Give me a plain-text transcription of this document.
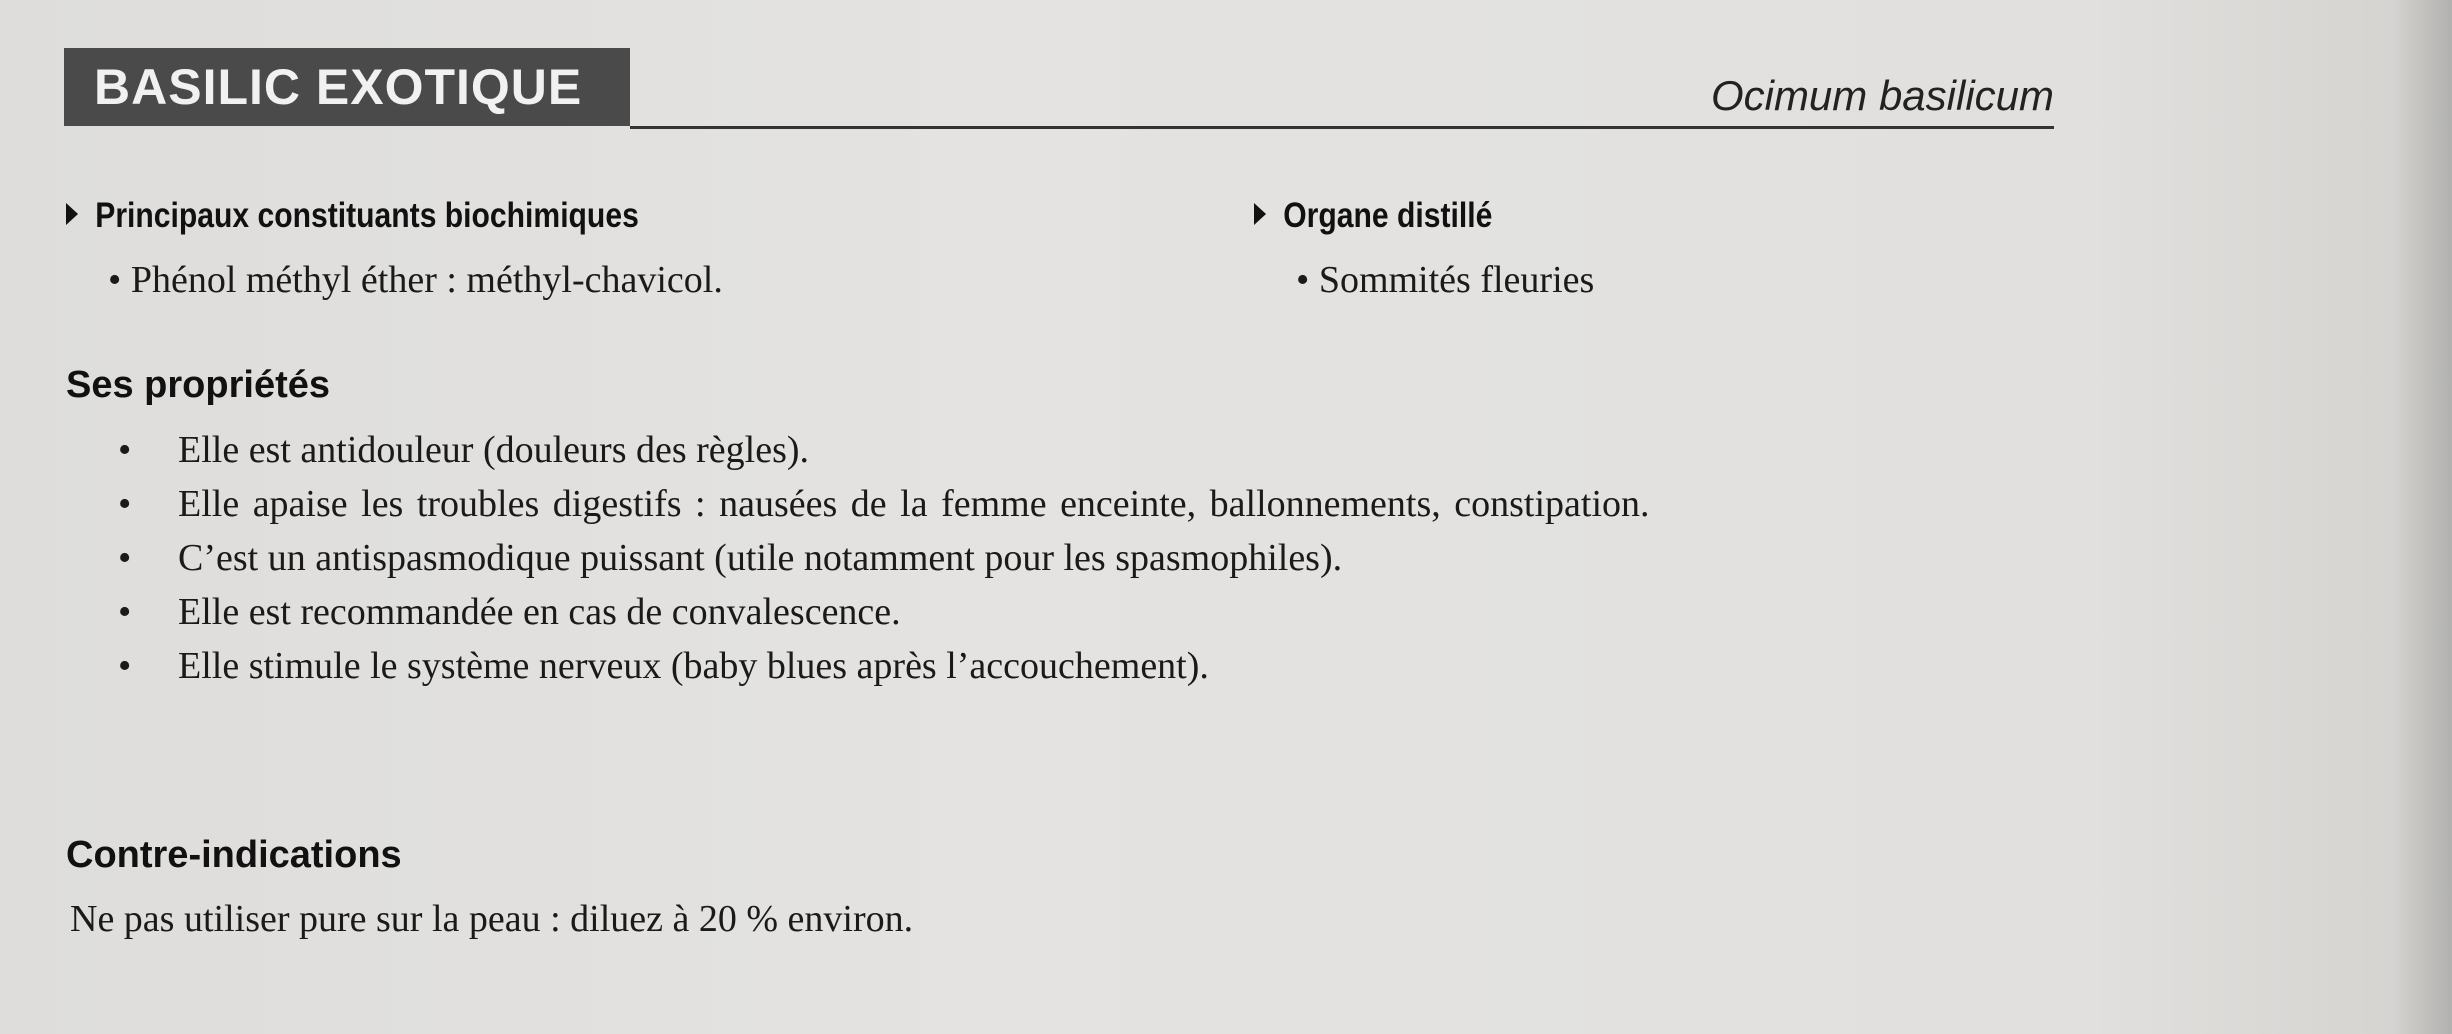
BASILIC EXOTIQUE	Ocimum basilicum
Principaux constituants biochimiques
• Phénol méthyl éther : méthyl-chavicol.
Organe distillé
• Sommités fleuries
Ses propriétés
• Elle est antidouleur (douleurs des règles).
• Elle apaise les troubles digestifs : nausées de la femme enceinte, ballonnements, constipation.
• C’est un antispasmodique puissant (utile notamment pour les spasmophiles).
• Elle est recommandée en cas de convalescence.
• Elle stimule le système nerveux (baby blues après l’accouchement).
Contre-indications
Ne pas utiliser pure sur la peau : diluez à 20 % environ.
